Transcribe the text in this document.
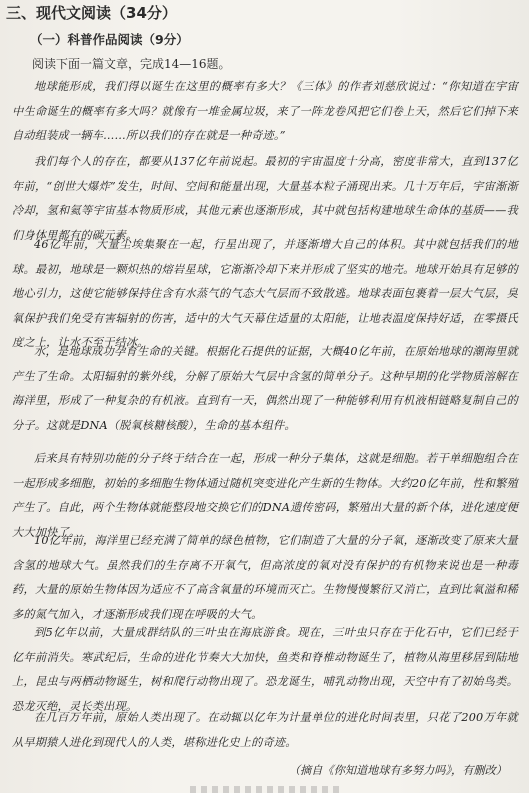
三、现代文阅读（34分）
（一）科普作品阅读（9分）
阅读下面一篇文章，完成14—16题。

地球能形成，我们得以诞生在这里的概率有多大？《三体》的作者刘慈欣说过：“你知道在宇宙中生命诞生的概率有多大吗？就像有一堆金属垃圾，来了一阵龙卷风把它们卷上天，然后它们掉下来自动组装成一辆车……所以我们的存在就是一种奇迹。”

我们每个人的存在，都要从137亿年前说起。最初的宇宙温度十分高，密度非常大，直到137亿年前，“创世大爆炸”发生，时间、空间和能量出现，大量基本粒子涌现出来。几十万年后，宇宙渐渐冷却，氢和氦等宇宙基本物质形成，其他元素也逐渐形成，其中就包括构建地球生命体的基质——我们身体里都有的碳元素。

46亿年前，大量尘埃集聚在一起，行星出现了，并逐渐增大自己的体积。其中就包括我们的地球。最初，地球是一颗炽热的熔岩星球，它渐渐冷却下来并形成了坚实的地壳。地球开始具有足够的地心引力，这使它能够保持住含有水蒸气的气态大气层而不致散逃。地球表面包裹着一层大气层，臭氧保护我们免受有害辐射的伤害，适中的大气天幕住适量的太阳能，让地表温度保持好适，在零摄氏度之上，让水不至于结冰。

水，是地球成功孕育生命的关键。根据化石提供的证据，大概40亿年前，在原始地球的潮海里就产生了生命。太阳辐射的紫外线，分解了原始大气层中含氢的简单分子。这种早期的化学物质溶解在海洋里，形成了一种复杂的有机液。直到有一天，偶然出现了一种能够利用有机液相链略复制自己的分子。这就是DNA（脱氧核糖核酸），生命的基本组件。

后来具有特别功能的分子终于结合在一起，形成一种分子集体，这就是细胞。若干单细胞组合在一起形成多细胞，初始的多细胞生物体通过随机突变进化产生新的生物体。大约20亿年前，性和繁殖产生了。自此，两个生物体就能整段地交换它们的DNA遗传密码，繁殖出大量的新个体，进化速度便大大加快了。

10亿年前，海洋里已经充满了简单的绿色植物，它们制造了大量的分子氧，逐渐改变了原来大量含氢的地球大气。虽然我们的生存离不开氧气，但高浓度的氧对没有保护的有机物来说也是一种毒药，大量的原始生物体因为适应不了高含氧量的环境而灭亡。生物慢慢繁衍又消亡，直到比氧溢和稀多的氮气加入，才逐渐形成我们现在呼吸的大气。

到5亿年以前，大量成群结队的三叶虫在海底游食。现在，三叶虫只存在于化石中，它们已经于亿年前消失。寒武纪后，生命的进化节奏大大加快，鱼类和脊椎动物诞生了，植物从海里移居到陆地上，昆虫与两栖动物诞生，树和爬行动物出现了。恐龙诞生，哺乳动物出现，天空中有了初始鸟类。恐龙灭绝，灵长类出现。

在几百万年前，原始人类出现了。在动辄以亿年为计量单位的进化时间表里，只花了200万年就从早期猿人进化到现代人的人类，堪称进化史上的奇迹。

（摘自《你知道地球有多努力吗》，有删改）
